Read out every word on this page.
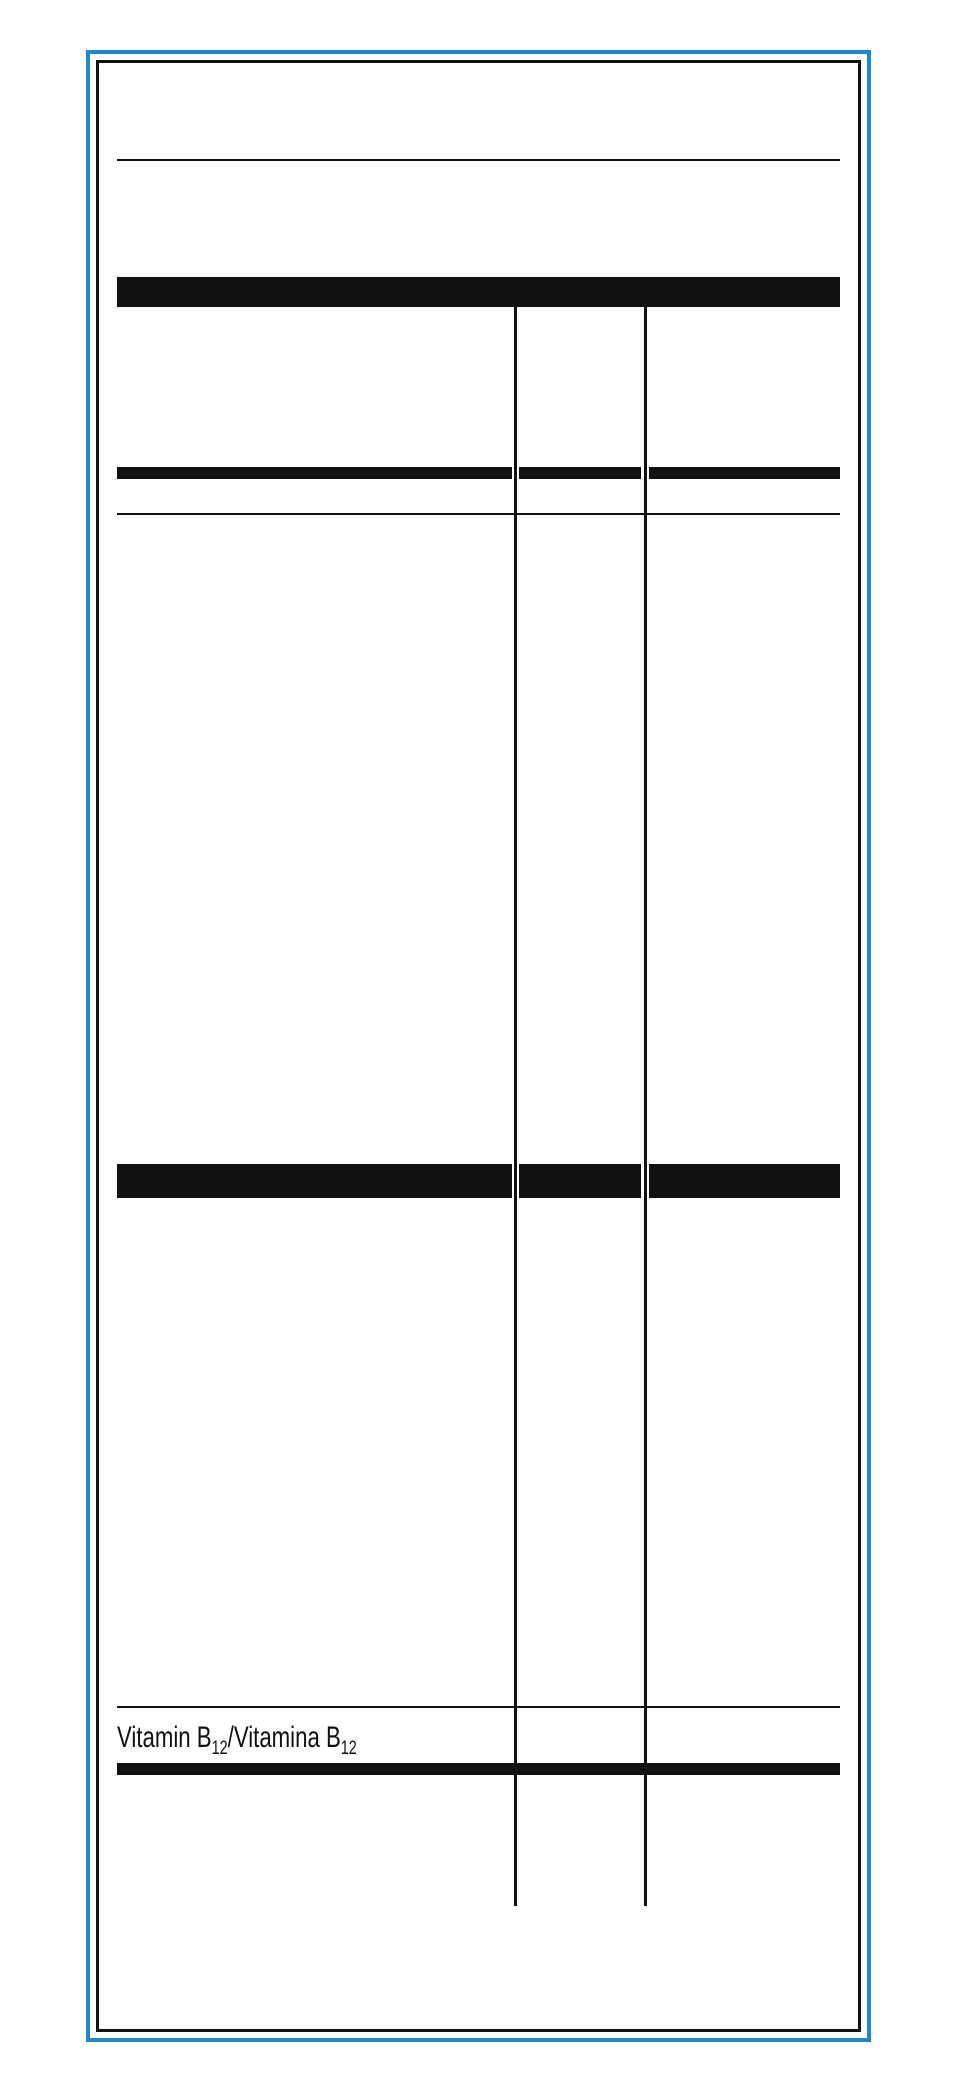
Vitamin $B_{12}$/Vitamina $B_{12}$
